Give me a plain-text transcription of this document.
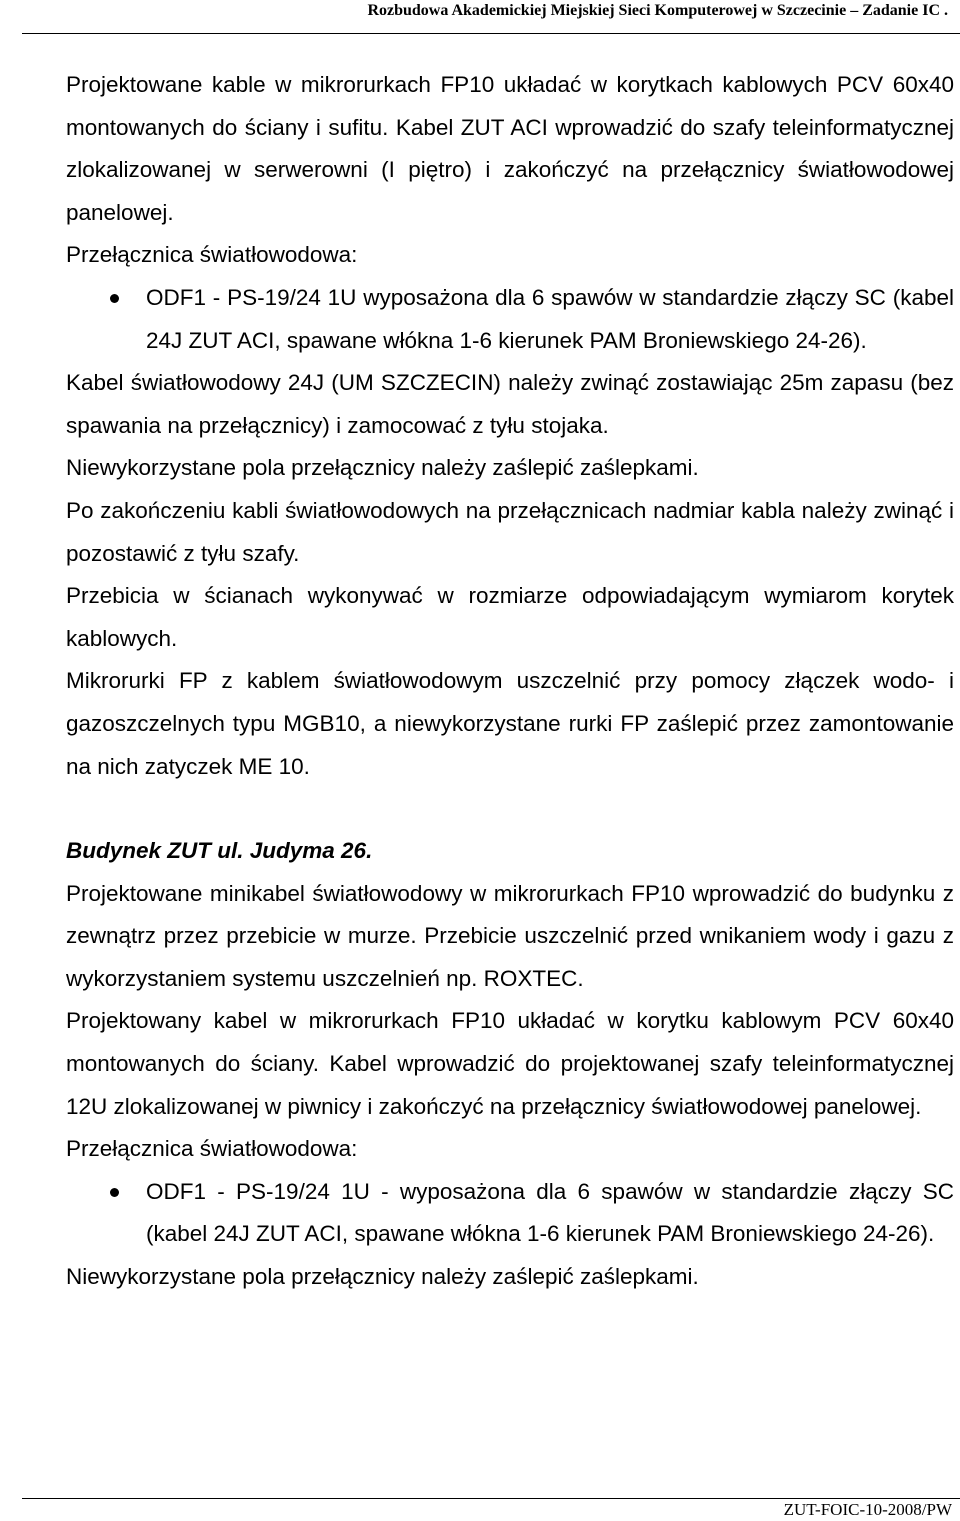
Rozbudowa Akademickiej Miejskiej Sieci Komputerowej w Szczecinie – Zadanie IC .

Projektowane kable w mikrorurkach FP10 układać w korytkach kablowych PCV 60x40 montowanych do ściany i sufitu. Kabel ZUT ACI wprowadzić do szafy teleinformatycznej zlokalizowanej w serwerowni (I piętro) i zakończyć na przełącznicy światłowodowej panelowej.

Przełącznica światłowodowa:

ODF1 - PS-19/24 1U wyposażona dla 6 spawów w standardzie złączy SC (kabel 24J ZUT ACI, spawane włókna 1-6 kierunek PAM Broniewskiego 24-26).

Kabel światłowodowy 24J (UM SZCZECIN) należy zwinąć zostawiając 25m zapasu (bez spawania na przełącznicy) i zamocować z tyłu stojaka.

Niewykorzystane pola przełącznicy należy zaślepić zaślepkami.

Po zakończeniu kabli światłowodowych na przełącznicach nadmiar kabla należy zwinąć i pozostawić z tyłu szafy.

Przebicia w ścianach wykonywać w rozmiarze odpowiadającym wymiarom korytek kablowych.

Mikrorurki FP z kablem światłowodowym uszczelnić przy pomocy złączek wodo- i gazoszczelnych typu MGB10, a niewykorzystane rurki FP zaślepić przez zamontowanie na nich zatyczek ME 10.

Budynek ZUT ul. Judyma 26.

Projektowane minikabel światłowodowy w mikrorurkach FP10 wprowadzić do budynku z zewnątrz przez przebicie w murze. Przebicie uszczelnić przed wnikaniem wody i gazu z wykorzystaniem systemu uszczelnień np. ROXTEC.

Projektowany kabel w mikrorurkach FP10 układać w korytku kablowym PCV 60x40 montowanych do ściany. Kabel wprowadzić do projektowanej szafy teleinformatycznej 12U zlokalizowanej w piwnicy i zakończyć na przełącznicy światłowodowej panelowej.

Przełącznica światłowodowa:

ODF1 - PS-19/24 1U - wyposażona dla 6 spawów w standardzie złączy SC (kabel 24J ZUT ACI, spawane włókna 1-6 kierunek PAM Broniewskiego 24-26).

Niewykorzystane pola przełącznicy należy zaślepić zaślepkami.

ZUT-FOIC-10-2008/PW
